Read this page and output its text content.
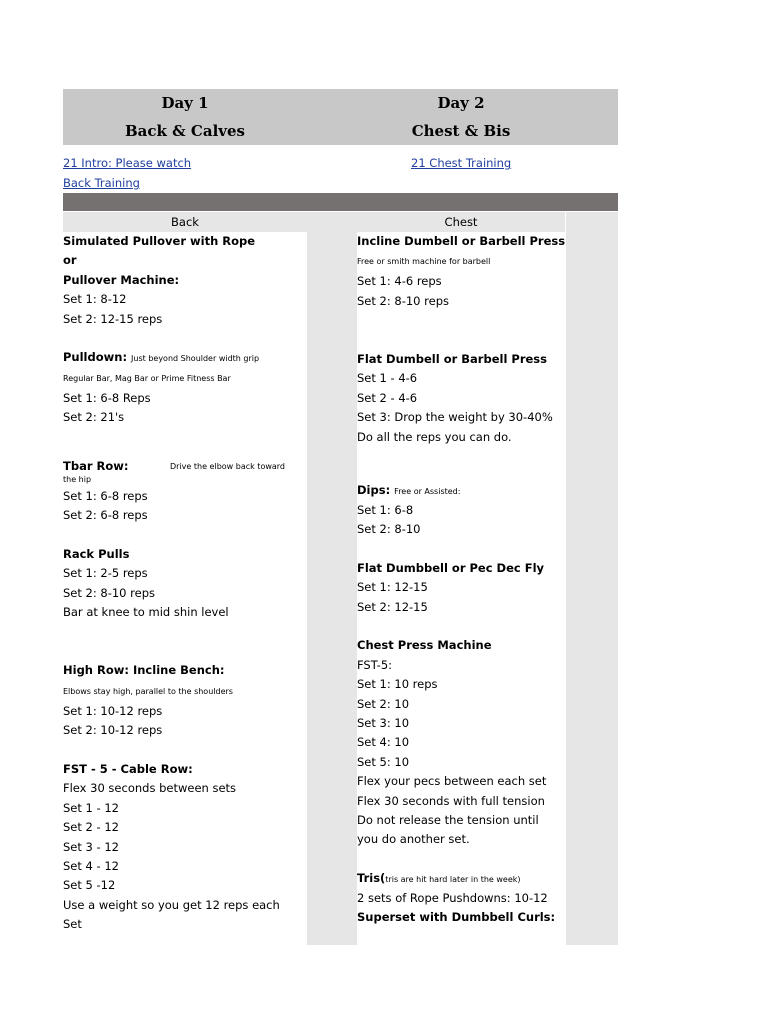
Day 1
Back & Calves
Day 2
Chest & Bis
21 Intro: Please watch
Back Training
21 Chest Training
Back	Chest
Simulated Pullover with Rope
or
Pullover Machine:
Set 1: 8-12
Set 2: 12-15 reps
Pulldown: Just beyond Shoulder width grip
Regular Bar, Mag Bar or Prime Fitness Bar
Set 1: 6-8 Reps
Set 2: 21's
Tbar Row:	Drive the elbow back toward
the hip
Set 1: 6-8 reps
Set 2: 6-8 reps
Rack Pulls
Set 1: 2-5 reps
Set 2: 8-10 reps
Bar at knee to mid shin level
High Row: Incline Bench:
Elbows stay high, parallel to the shoulders
Set 1: 10-12 reps
Set 2: 10-12 reps
FST - 5 - Cable Row:
Flex 30 seconds between sets
Set 1 - 12
Set 2 - 12
Set 3 - 12
Set 4 - 12
Set 5 -12
Use a weight so you get 12 reps each
Set
Incline Dumbell or Barbell Press
Free or smith machine for barbell
Set 1: 4-6 reps
Set 2: 8-10 reps
Flat Dumbell or Barbell Press
Set 1 - 4-6
Set 2 - 4-6
Set 3: Drop the weight by 30-40%
Do all the reps you can do.
Dips: Free or Assisted:
Set 1: 6-8
Set 2: 8-10
Flat Dumbbell or Pec Dec Fly
Set 1: 12-15
Set 2: 12-15
Chest Press Machine
FST-5:
Set 1: 10 reps
Set 2: 10
Set 3: 10
Set 4: 10
Set 5: 10
Flex your pecs between each set
Flex 30 seconds with full tension
Do not release the tension until
you do another set.
Tris(tris are hit hard later in the week)
2 sets of Rope Pushdowns: 10-12
Superset with Dumbbell Curls:
